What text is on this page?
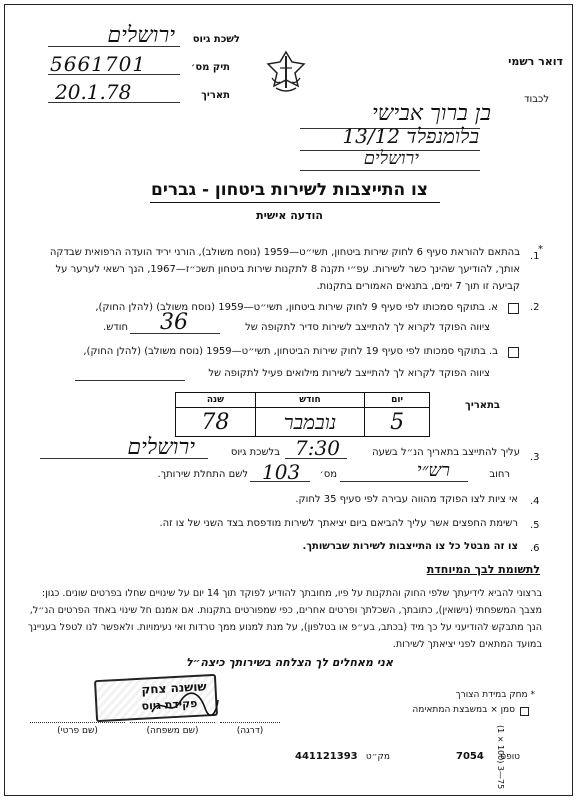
דואר רשמי
לכבוד
בן ברוך אבישי
בלומנפלד 13/12
ירושלים
לשכת גיוס
ירושלים
תיק מס׳
5661701
תאריך
20.1.78
צו התייצבות לשירות ביטחון - גברים
הודעה אישית
*
.1
בהתאם להוראת סעיף 6 לחוק שירות ביטחון, תשי״ט—1959 (נוסח משולב), הורני יריד הועדה הרפואית שבדקה אותך, להודיעך שהינך כשר לשירות. עפ״י תקנה 8 לתקנות שירות ביטחון תשכ״ז—1967, הנך רשאי לערער על קביעה זו תוך 7 ימים, בתנאים האמורים בתקנות.
.2
א. בתוקף סמכותו לפי סעיף 9 לחוק שירות ביטחון, תשי״ט—1959 (נוסח משולב) (להלן החוק),
ציווה הפוקד לקרוא לך להתייצב לשירות סדיר לתקופה של
36
חודש.
ב. בתוקף סמכותו לפי סעיף 19 לחוק שירות הביטחון, תשי״ט—1959 (נוסח משולב) (להלן החוק),
ציווה הפוקד לקרוא לך להתייצב לשירות מילואים פעיל לתקופה של
בתאריך
יום	חודש	שנה
5	נובמבר	78
.3
עליך להתייצב בתאריך הנ״ל בשעה
7:30
בלשכת גיוס
ירושלים
רחוב
רש״י
מס׳
103
לשם התחלת שירותך.
.4
אי ציות לצו הפוקד מהווה עבירה לפי סעיף 35 לחוק.
.5
רשימת החפצים אשר עליך להביאם ביום יציאתך לשירות מודפסת בצד השני של צו זה.
.6
צו זה מבטל כל צו התייצבות לשירות שברשותך.
לתשומת לבך המיוחדת
ברצוני להביא לידיעתך שלפי החוק והתקנות על פיו, מחובתך להודיע לפוקד תוך 14 יום על שינויים שחלו בפרטים שונים. כגון: מצבך המשפחתי (נישואין), כתובתך, השכלתך ופרטים אחרים, כפי שמפורטים בתקנות. אם אמנם חל שינוי באחד הפרטים הנ״ל, הנך מתבקש להודיעני על כך מיד (בכתב, בע״פ או בטלפון), על מנת למנוע ממך טרדות ואי נעימויות. ולאפשר לנו לטפל בעניינך במועד המתאים לפני יציאתך לשירות.
אני מאחלים לך הצלחה בשירותך כיצה״ל
שושנה צחק
פקידת גיוס
(דרגה)
(שם משפחה)
(שם פרטי)
* מחק במידת הצורך
סמן × במשבצת המתאימה
(1 × 100) 3—75
טופס
7054
מק״ט
441121393
